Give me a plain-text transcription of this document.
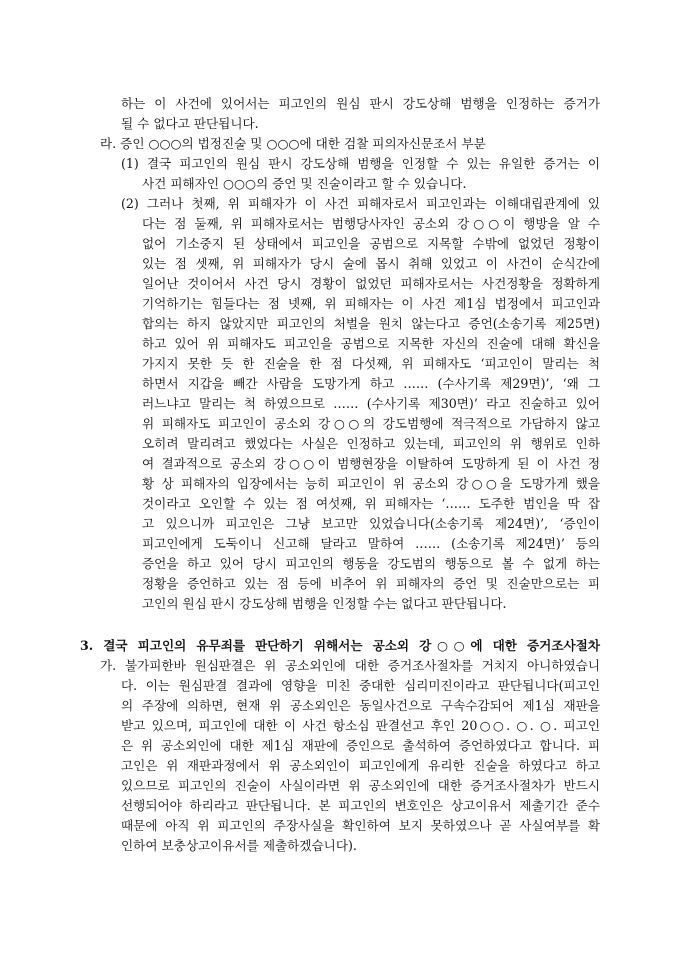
하는 이 사건에 있어서는 피고인의 원심 판시 강도상해 범행을 인정하는 증거가

될 수 없다고 판단됩니다.

라. 증인 ○○○의 법정진술 및 ○○○에 대한 검찰 피의자신문조서 부분

(1) 결국 피고인의 원심 판시 강도상해 범행을 인정할 수 있는 유일한 증거는 이

사건 피해자인 ○○○의 증언 및 진술이라고 할 수 있습니다.

(2) 그러나 첫째, 위 피해자가 이 사건 피해자로서 피고인과는 이해대립관계에 있

다는 점 둘째, 위 피해자로서는 범행당사자인 공소외 강○○이 행방을 알 수

없어 기소중지 된 상태에서 피고인을 공범으로 지목할 수밖에 없었던 정황이

있는 점 셋째, 위 피해자가 당시 술에 몹시 취해 있었고 이 사건이 순식간에

일어난 것이어서 사건 당시 경황이 없었던 피해자로서는 사건정황을 정확하게

기억하기는 힘들다는 점 넷째, 위 피해자는 이 사건 제1심 법정에서 피고인과

합의는 하지 않았지만 피고인의 처벌을 원치 않는다고 증언(소송기록 제25면)

하고 있어 위 피해자도 피고인을 공범으로 지목한 자신의 진술에 대해 확신을

가지지 못한 듯 한 진술을 한 점 다섯째, 위 피해자도 ‘피고인이 말리는 척

하면서 지갑을 빼간 사람을 도망가게 하고 …… (수사기록 제29면)’, ‘왜 그

러느냐고 말리는 척 하였으므로 …… (수사기록 제30면)’ 라고 진술하고 있어

위 피해자도 피고인이 공소외 강○○의 강도범행에 적극적으로 가담하지 않고

오히려 말리려고 했었다는 사실은 인정하고 있는데, 피고인의 위 행위로 인하

여 결과적으로 공소외 강○○이 범행현장을 이탈하여 도망하게 된 이 사건 정

황 상 피해자의 입장에서는 능히 피고인이 위 공소외 강○○을 도망가게 했을

것이라고 오인할 수 있는 점 여섯째, 위 피해자는 ‘…… 도주한 범인을 딱 잡

고 있으니까 피고인은 그냥 보고만 있었습니다(소송기록 제24면)’, ‘증인이

피고인에게 도둑이니 신고해 달라고 말하여 …… (소송기록 제24면)’ 등의

증언을 하고 있어 당시 피고인의 행동을 강도범의 행동으로 볼 수 없게 하는

정황을 증언하고 있는 점 등에 비추어 위 피해자의 증언 및 진술만으로는 피

고인의 원심 판시 강도상해 범행을 인정할 수는 없다고 판단됩니다.

3. 결국 피고인의 유무죄를 판단하기 위해서는 공소외 강○○에 대한 증거조사절차

가. 불가피한바 원심판결은 위 공소외인에 대한 증거조사절차를 거치지 아니하였습니

다. 이는 원심판결 결과에 영향을 미친 중대한 심리미진이라고 판단됩니다(피고인

의 주장에 의하면, 현재 위 공소외인은 동일사건으로 구속수감되어 제1심 재판을

받고 있으며, 피고인에 대한 이 사건 항소심 판결선고 후인 20○○. ○. ○. 피고인

은 위 공소외인에 대한 제1심 재판에 증인으로 출석하여 증언하였다고 합니다. 피

고인은 위 재판과정에서 위 공소외인이 피고인에게 유리한 진술을 하였다고 하고

있으므로 피고인의 진술이 사실이라면 위 공소외인에 대한 증거조사절차가 반드시

선행되어야 하리라고 판단됩니다. 본 피고인의 변호인은 상고이유서 제출기간 준수

때문에 아직 위 피고인의 주장사실을 확인하여 보지 못하였으나 곧 사실여부를 확

인하여 보충상고이유서를 제출하겠습니다).
